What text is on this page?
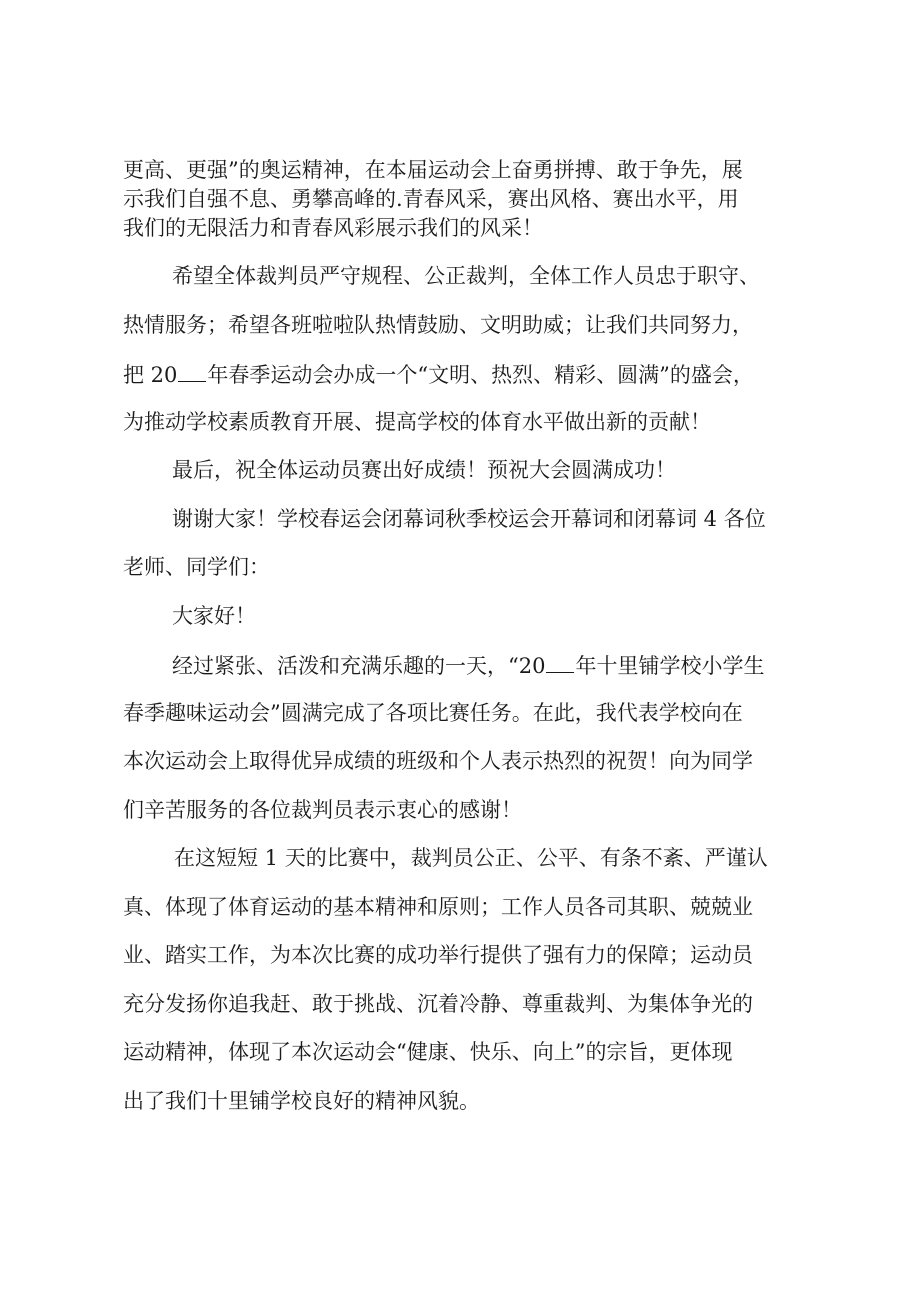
更高、更强”的奥运精神，在本届运动会上奋勇拼搏、敢于争先，展

示我们自强不息、勇攀高峰的.青春风采，赛出风格、赛出水平，用

我们的无限活力和青春风彩展示我们的风采！

希望全体裁判员严守规程、公正裁判，全体工作人员忠于职守、

热情服务；希望各班啦啦队热情鼓励、文明助威；让我们共同努力，

把 20 年春季运动会办成一个“文明、热烈、精彩、圆满”的盛会，

为推动学校素质教育开展、提高学校的体育水平做出新的贡献！

最后，祝全体运动员赛出好成绩！预祝大会圆满成功！

谢谢大家！学校春运会闭幕词秋季校运会开幕词和闭幕词 4 各位

老师、同学们：

大家好！

经过紧张、活泼和充满乐趣的一天，“20 年十里铺学校小学生

春季趣味运动会”圆满完成了各项比赛任务。在此，我代表学校向在

本次运动会上取得优异成绩的班级和个人表示热烈的祝贺！向为同学

们辛苦服务的各位裁判员表示衷心的感谢！

在这短短 1 天的比赛中，裁判员公正、公平、有条不紊、严谨认

真、体现了体育运动的基本精神和原则；工作人员各司其职、兢兢业

业、踏实工作，为本次比赛的成功举行提供了强有力的保障；运动员

充分发扬你追我赶、敢于挑战、沉着冷静、尊重裁判、为集体争光的

运动精神，体现了本次运动会“健康、快乐、向上”的宗旨，更体现

出了我们十里铺学校良好的精神风貌。
